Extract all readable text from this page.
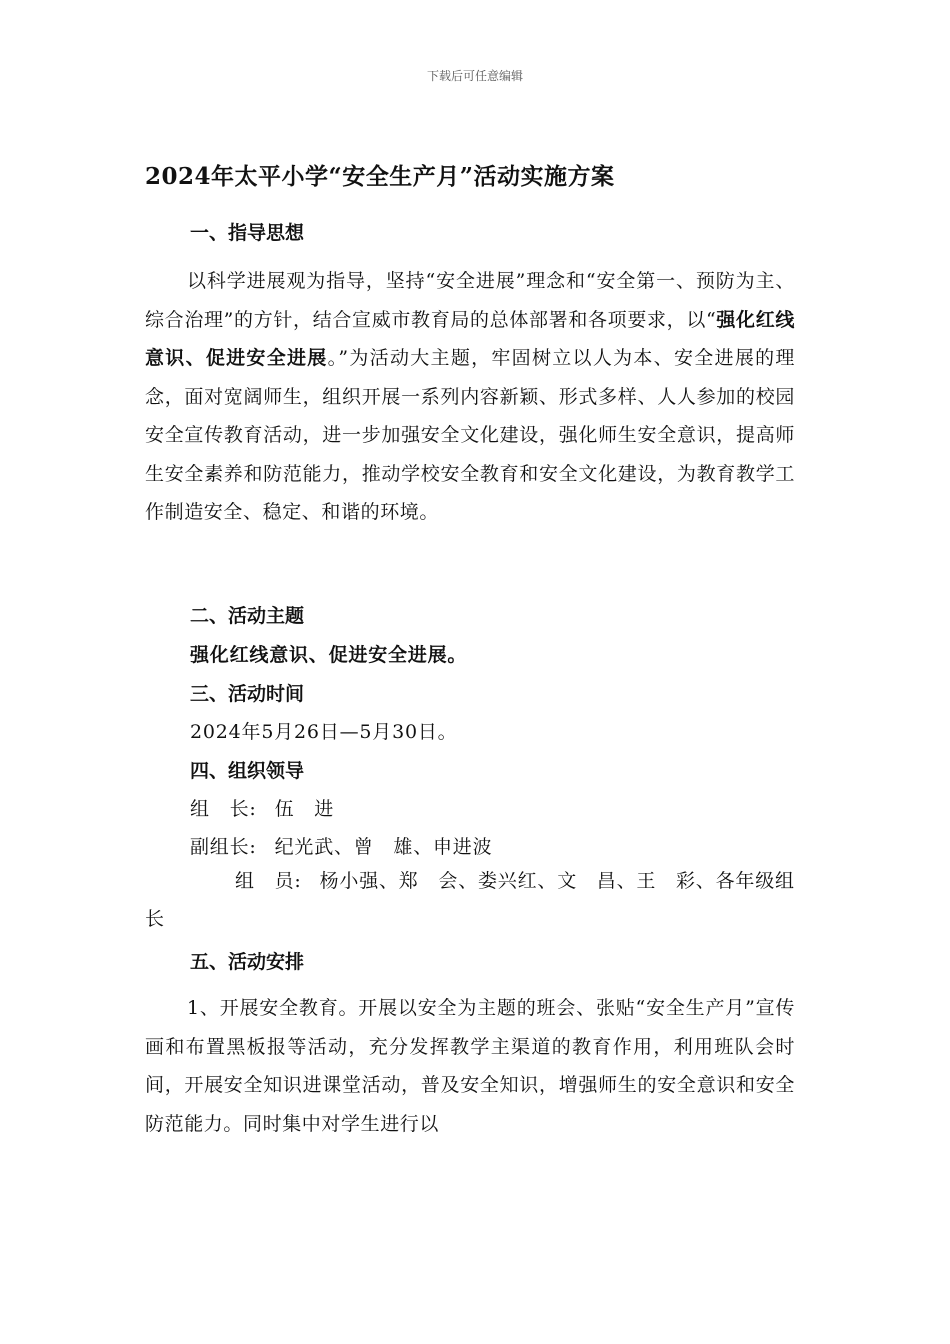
下载后可任意编辑
2024年太平小学“安全生产月”活动实施方案
一、指导思想

以科学进展观为指导，坚持“安全进展”理念和“安全第一、预防为主、综合治理”的方针，结合宣威市教育局的总体部署和各项要求，以“强化红线意识、促进安全进展。”为活动大主题，牢固树立以人为本、安全进展的理念，面对宽阔师生，组织开展一系列内容新颖、形式多样、人人参加的校园安全宣传教育活动，进一步加强安全文化建设，强化师生安全意识，提高师生安全素养和防范能力，推动学校安全教育和安全文化建设，为教育教学工作制造安全、稳定、和谐的环境。

二、活动主题

强化红线意识、促进安全进展。

三、活动时间

2024年5月26日—5月30日。

四、组织领导

组　长: 伍　进

副组长: 纪光武、曾　雄、申进波

组　员: 杨小强、郑　会、娄兴红、文　昌、王　彩、各年级组长

五、活动安排

1、开展安全教育。开展以安全为主题的班会、张贴“安全生产月”宣传画和布置黑板报等活动，充分发挥教学主渠道的教育作用，利用班队会时间，开展安全知识进课堂活动，普及安全知识，增强师生的安全意识和安全防范能力。同时集中对学生进行以
